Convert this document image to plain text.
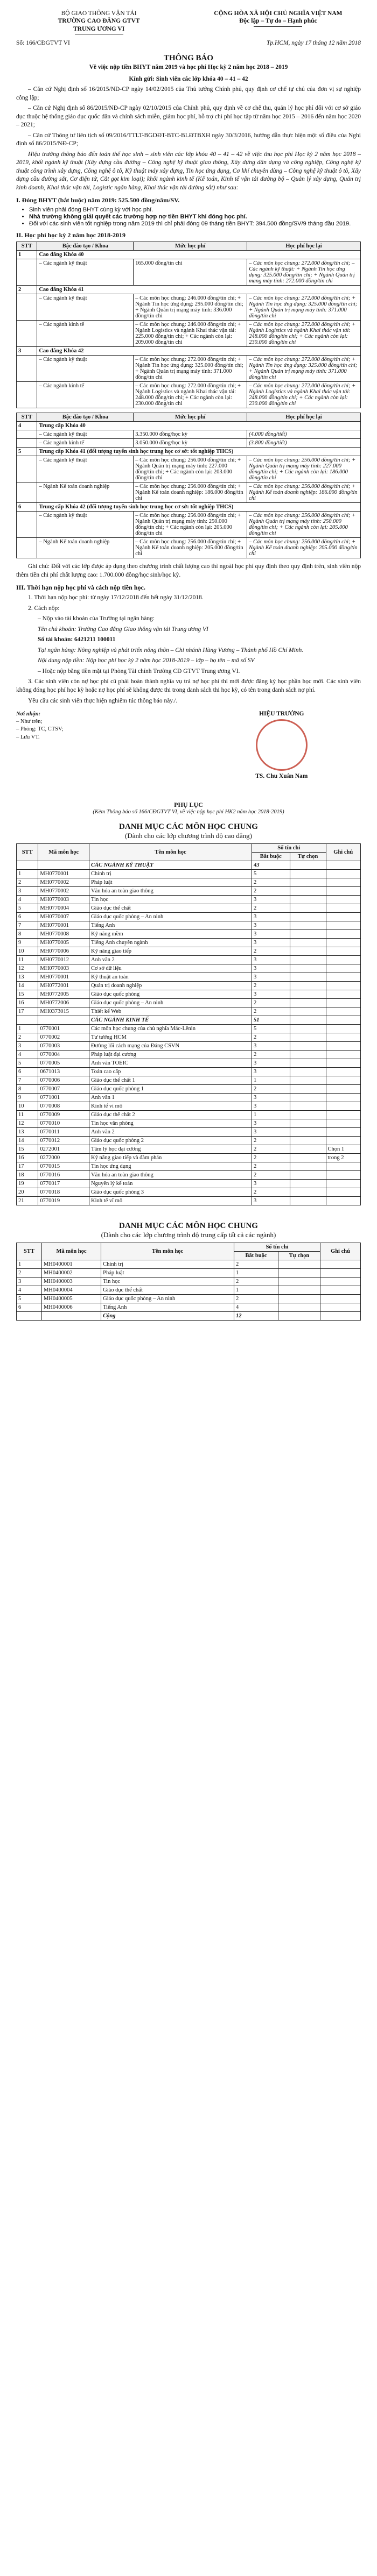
BỘ GIAO THÔNG VẬN TẢI
TRƯỜNG CAO ĐẲNG GTVT
TRUNG ƯƠNG VI
CỘNG HÒA XÃ HỘI CHỦ NGHĨA VIỆT NAM
Độc lập – Tự do – Hạnh phúc
Số: 166/CĐGTVT VI	Tp.HCM, ngày 17 tháng 12 năm 2018
THÔNG BÁO
Về việc nộp tiền BHYT năm 2019 và học phí Học kỳ 2 năm học 2018 – 2019
Kính gửi: Sinh viên các lớp khóa 40 – 41 – 42

– Căn cứ Nghị định số 16/2015/NĐ-CP ngày 14/02/2015 của Thủ tướng Chính phủ, quy định cơ chế tự chủ của đơn vị sự nghiệp công lập;

– Căn cứ Nghị định số 86/2015/NĐ-CP ngày 02/10/2015 của Chính phủ, quy định về cơ chế thu, quản lý học phí đối với cơ sở giáo dục thuộc hệ thống giáo dục quốc dân và chính sách miễn, giảm học phí, hỗ trợ chi phí học tập từ năm học 2015 – 2016 đến năm học 2020 – 2021;

– Căn cứ Thông tư liên tịch số 09/2016/TTLT-BGDĐT-BTC-BLĐTBXH ngày 30/3/2016, hướng dẫn thực hiện một số điều của Nghị định số 86/2015/NĐ-CP;

Hiệu trưởng thông báo đến toàn thể học sinh – sinh viên các lớp khóa 40 – 41 – 42 về việc thu học phí Học kỳ 2 năm học 2018 – 2019, khối ngành kỹ thuật (Xây dựng cầu đường – Công nghệ kỹ thuật giao thông, Xây dựng dân dụng và công nghiệp, Công nghệ kỹ thuật công trình xây dựng, Công nghệ ô tô, Kỹ thuật máy xây dựng, Tin học ứng dụng, Cơ khí chuyên dùng – Công nghệ kỹ thuật ô tô, Xây dựng cầu đường sắt, Cơ điện tử, Cắt gọt kim loại); khối ngành kinh tế (Kế toán, Kinh tế vận tải đường bộ – Quản lý xây dựng, Quản trị kinh doanh, Khai thác vận tải, Logistic ngân hàng, Khai thác vận tải đường sắt) như sau:

I. Đóng BHYT (bắt buộc) năm 2019: 525.500 đồng/năm/SV.
• Sinh viên phải đóng BHYT cùng kỳ với học phí.
• Nhà trường không giải quyết các trường hợp nợ tiền BHYT khi đóng học phí.
• Đối với các sinh viên tốt nghiệp trong năm 2019 thì chỉ phải đóng 09 tháng tiền BHYT: 394.500 đồng/SV/9 tháng đầu 2019.
II. Học phí học kỳ 2 năm học 2018-2019
STT	Bậc đào tạo / Khoa	Mức học phí	Học phí học lại
1	Cao đẳng Khóa 40		
	– Các ngành kỹ thuật	165.000 đồng/tín chỉ	– Các môn học chung: 272.000 đồng/tín chỉ; – Các ngành kỹ thuật: + Ngành Tin học ứng dụng: 325.000 đồng/tín chỉ; + Ngành Quản trị mạng máy tính: 272.000 đồng/tín chỉ
2	Cao đẳng Khóa 41		
	– Các ngành kỹ thuật	– Các môn học chung: 246.000 đồng/tín chỉ; + Ngành Tin học ứng dụng: 295.000 đồng/tín chỉ; + Ngành Quản trị mạng máy tính: 336.000 đồng/tín chỉ	– Các môn học chung: 272.000 đồng/tín chỉ; + Ngành Tin học ứng dụng: 325.000 đồng/tín chỉ; + Ngành Quản trị mạng máy tính: 371.000 đồng/tín chỉ
	– Các ngành kinh tế	– Các môn học chung: 246.000 đồng/tín chỉ; + Ngành Logistics và ngành Khai thác vận tải: 225.000 đồng/tín chỉ; + Các ngành còn lại: 209.000 đồng/tín chỉ	– Các môn học chung: 272.000 đồng/tín chỉ; + Ngành Logistics và ngành Khai thác vận tải: 248.000 đồng/tín chỉ; + Các ngành còn lại: 230.000 đồng/tín chỉ
3	Cao đẳng Khóa 42		
	– Các ngành kỹ thuật	– Các môn học chung: 272.000 đồng/tín chỉ; + Ngành Tin học ứng dụng: 325.000 đồng/tín chỉ; + Ngành Quản trị mạng máy tính: 371.000 đồng/tín chỉ	– Các môn học chung: 272.000 đồng/tín chỉ; + Ngành Tin học ứng dụng: 325.000 đồng/tín chỉ; + Ngành Quản trị mạng máy tính: 371.000 đồng/tín chỉ
	– Các ngành kinh tế	– Các môn học chung: 272.000 đồng/tín chỉ; + Ngành Logistics và ngành Khai thác vận tải: 248.000 đồng/tín chỉ; + Các ngành còn lại: 230.000 đồng/tín chỉ	– Các môn học chung: 272.000 đồng/tín chỉ; + Ngành Logistics và ngành Khai thác vận tải: 248.000 đồng/tín chỉ; + Các ngành còn lại: 230.000 đồng/tín chỉ
STT	Bậc đào tạo / Khoa	Mức học phí	Học phí học lại
4	Trung cấp Khóa 40		
	– Các ngành kỹ thuật	3.350.000 đồng/học kỳ	(4.000 đồng/tiết)
	– Các ngành kinh tế	3.050.000 đồng/học kỳ	(3.800 đồng/tiết)
5	Trung cấp Khóa 41 (đối tượng tuyển sinh học trung học cơ sở: tốt nghiệp THCS)		
	– Các ngành kỹ thuật	– Các môn học chung: 256.000 đồng/tín chỉ; + Ngành Quản trị mạng máy tính: 227.000 đồng/tín chỉ; + Các ngành còn lại: 203.000 đồng/tín chỉ	– Các môn học chung: 256.000 đồng/tín chỉ; + Ngành Quản trị mạng máy tính: 227.000 đồng/tín chỉ; + Các ngành còn lại: 186.000 đồng/tín chỉ
	– Ngành Kế toán doanh nghiệp	– Các môn học chung: 256.000 đồng/tín chỉ; + Ngành Kế toán doanh nghiệp: 186.000 đồng/tín chỉ	– Các môn học chung: 256.000 đồng/tín chỉ; + Ngành Kế toán doanh nghiệp: 186.000 đồng/tín chỉ
6	Trung cấp Khóa 42 (đối tượng tuyển sinh học trung học cơ sở: tốt nghiệp THCS)		
	– Các ngành kỹ thuật	– Các môn học chung: 256.000 đồng/tín chỉ; + Ngành Quản trị mạng máy tính: 250.000 đồng/tín chỉ; + Các ngành còn lại: 205.000 đồng/tín chỉ	– Các môn học chung: 256.000 đồng/tín chỉ; + Ngành Quản trị mạng máy tính: 250.000 đồng/tín chỉ; + Các ngành còn lại: 205.000 đồng/tín chỉ
	– Ngành Kế toán doanh nghiệp	– Các môn học chung: 256.000 đồng/tín chỉ; + Ngành Kế toán doanh nghiệp: 205.000 đồng/tín chỉ	– Các môn học chung: 256.000 đồng/tín chỉ; + Ngành Kế toán doanh nghiệp: 205.000 đồng/tín chỉ

Ghi chú: Đối với các lớp được áp dụng theo chương trình chất lượng cao thì ngoài học phí quy định theo quy định trên, sinh viên nộp thêm tiền chi phí chất lượng cao: 1.700.000 đồng/học sinh/học kỳ.

III. Thời hạn nộp học phí và cách nộp tiền học.

1. Thời hạn nộp học phí: từ ngày 17/12/2018 đến hết ngày 31/12/2018.

2. Cách nộp:

– Nộp vào tài khoản của Trường tại ngân hàng:

Tên chủ khoản: Trường Cao đẳng Giao thông vận tải Trung ương VI

Số tài khoản: 6421211 100011

Tại ngân hàng: Nông nghiệp và phát triển nông thôn – Chi nhánh Hùng Vương – Thành phố Hồ Chí Minh.

Nội dung nộp tiền: Nộp học phí học kỳ 2 năm học 2018-2019 – lớp – họ tên – mã số SV

– Hoặc nộp bằng tiền mặt tại Phòng Tài chính Trường CĐ GTVT Trung ương VI.

3. Các sinh viên còn nợ học phí cũ phải hoàn thành nghĩa vụ trả nợ học phí thì mới được đăng ký học phần học mới. Các sinh viên không đóng học phí học kỳ hoặc nợ học phí sẽ không được thi trong danh sách thi học kỳ, có tên trong danh sách nợ phí.

Yêu cầu các sinh viên thực hiện nghiêm túc thông báo này./.

Nơi nhận:
– Như trên;
– Phòng: TC, CTSV;
– Lưu VT.
HIỆU TRƯỞNG
TS. Chu Xuân Nam
PHỤ LỤC
(Kèm Thông báo số 166/CĐGTVT VI, về việc nộp học phí HK2 năm học 2018-2019)
DANH MỤC CÁC MÔN HỌC CHUNG
(Dành cho các lớp chương trình độ cao đẳng)
STT	Mã môn học	Tên môn học	Số tín chỉ		Ghi chú
			Bắt buộc	Tự chọn	
		CÁC NGÀNH KỸ THUẬT	43		
1	MH0770001	Chính trị	5		
2	MH0770002	Pháp luật	2		
3	MH0770002	Văn hóa an toàn giao thông	2		
4	MH0770003	Tin học	3		
5	MH0770004	Giáo dục thể chất	2		
6	MH0770007	Giáo dục quốc phòng – An ninh	3		
7	MH0770001	Tiếng Anh	3		
8	MH0770008	Kỹ năng mềm	3		
9	MH0770005	Tiếng Anh chuyên ngành	3		
10	MH0770006	Kỹ năng giao tiếp	2		
11	MH0770012	Anh văn 2	3		
12	MH0770003	Cơ sở dữ liệu	3		
13	MH0770001	Kỹ thuật an toàn	3		
14	MH0772001	Quản trị doanh nghiệp	2		
15	MH0772005	Giáo dục quốc phòng	3		
16	MH0772006	Giáo dục quốc phòng – An ninh	2		
17	MH0373015	Thiết kế Web	2		
		CÁC NGÀNH KINH TẾ	51		
1	0770001	Các môn học chung của chủ nghĩa Mác-Lênin	5		
2	0770002	Tư tưởng HCM	2		
3	0770003	Đường lối cách mạng của Đảng CSVN	3		
4	0770004	Pháp luật đại cương	2		
5	0770005	Anh văn TOEIC	3		
6	0671013	Toán cao cấp	3		
7	0770006	Giáo dục thể chất 1	1		
8	0770007	Giáo dục quốc phòng 1	2		
9	0771001	Anh văn 1	3		
10	0770008	Kinh tế vi mô	3		
11	0770009	Giáo dục thể chất 2	1		
12	0770010	Tin học văn phòng	3		
13	0770011	Anh văn 2	3		
14	0770012	Giáo dục quốc phòng 2	2		
15	0272001	Tâm lý học đại cương	2		Chọn 1
16	0272000	Kỹ năng giao tiếp và đàm phán	2		trong 2
17	0770015	Tin học ứng dụng	2		
18	0770016	Văn hóa an toàn giao thông	2		
19	0770017	Nguyên lý kế toán	3		
20	0770018	Giáo dục quốc phòng 3	2		
21	0770019	Kinh tế vĩ mô	3		
DANH MỤC CÁC MÔN HỌC CHUNG
(Dành cho các lớp chương trình độ trung cấp tất cả các ngành)
STT	Mã môn học	Tên môn học	Số tín chỉ		Ghi chú
			Bắt buộc	Tự chọn	
1	MH0400001	Chính trị	2		
2	MH0400002	Pháp luật	1		
3	MH0400003	Tin học	2		
4	MH0400004	Giáo dục thể chất	1		
5	MH0400005	Giáo dục quốc phòng – An ninh	2		
6	MH0400006	Tiếng Anh	4		
		Cộng	12		
